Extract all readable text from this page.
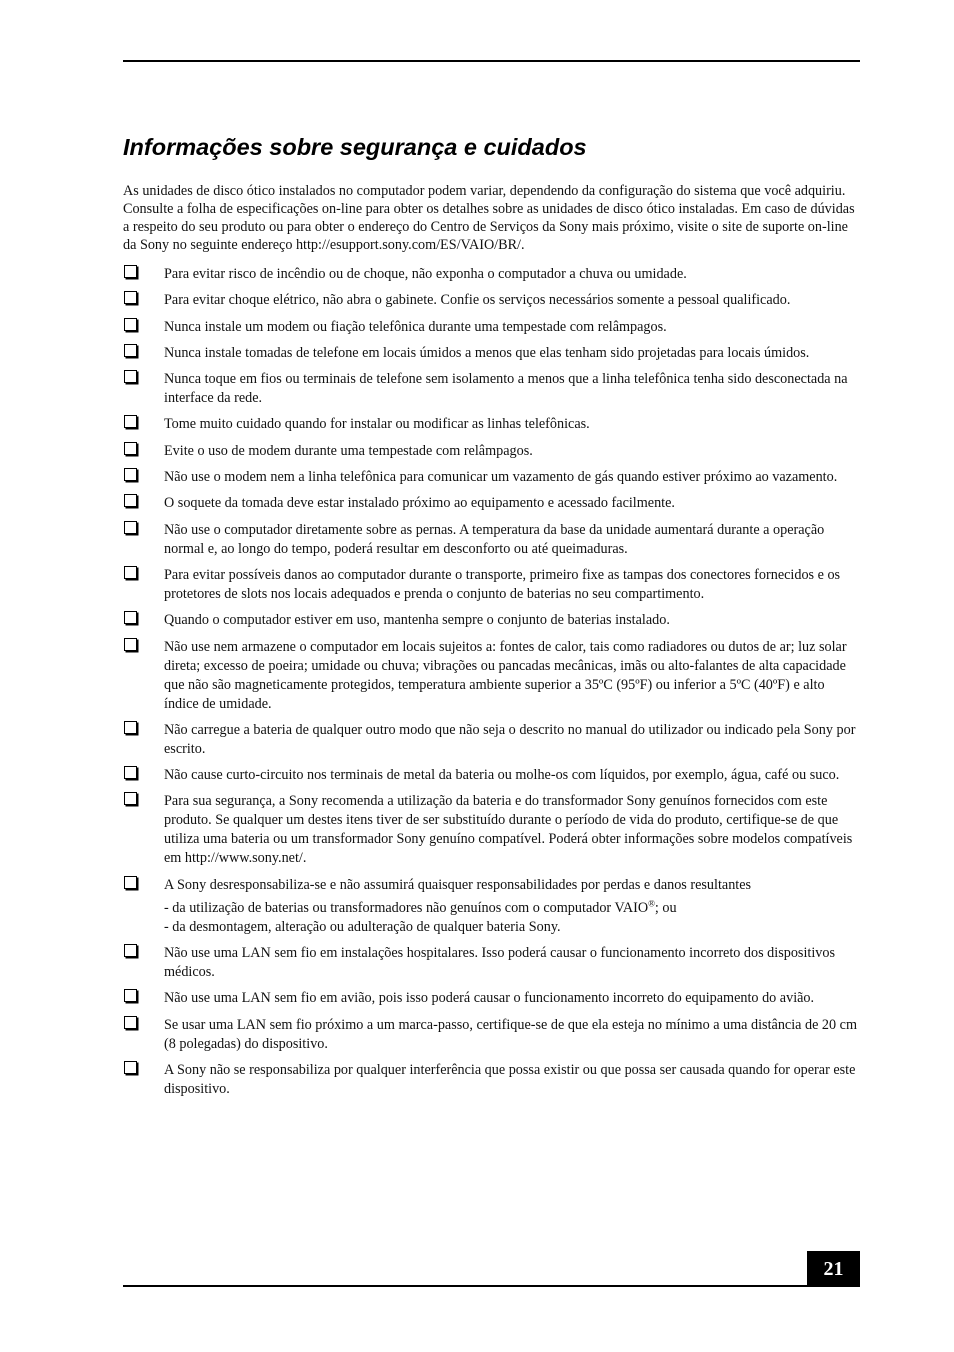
Informações sobre segurança e cuidados

As unidades de disco ótico instalados no computador podem variar, dependendo da configuração do sistema que você adquiriu. Consulte a folha de especificações on-line para obter os detalhes sobre as unidades de disco ótico instaladas. Em caso de dúvidas a respeito do seu produto ou para obter o endereço do Centro de Serviços da Sony mais próximo, visite o site de suporte on-line da Sony no seguinte endereço http://esupport.sony.com/ES/VAIO/BR/.

Para evitar risco de incêndio ou de choque, não exponha o computador a chuva ou umidade.
Para evitar choque elétrico, não abra o gabinete. Confie os serviços necessários somente a pessoal qualificado.
Nunca instale um modem ou fiação telefônica durante uma tempestade com relâmpagos.
Nunca instale tomadas de telefone em locais úmidos a menos que elas tenham sido projetadas para locais úmidos.
Nunca toque em fios ou terminais de telefone sem isolamento a menos que a linha telefônica tenha sido desconectada na interface da rede.
Tome muito cuidado quando for instalar ou modificar as linhas telefônicas.
Evite o uso de modem durante uma tempestade com relâmpagos.
Não use o modem nem a linha telefônica para comunicar um vazamento de gás quando estiver próximo ao vazamento.
O soquete da tomada deve estar instalado próximo ao equipamento e acessado facilmente.
Não use o computador diretamente sobre as pernas. A temperatura da base da unidade aumentará durante a operação normal e, ao longo do tempo, poderá resultar em desconforto ou até queimaduras.
Para evitar possíveis danos ao computador durante o transporte, primeiro fixe as tampas dos conectores fornecidos e os protetores de slots nos locais adequados e prenda o conjunto de baterias no seu compartimento.
Quando o computador estiver em uso, mantenha sempre o conjunto de baterias instalado.
Não use nem armazene o computador em locais sujeitos a: fontes de calor, tais como radiadores ou dutos de ar; luz solar direta; excesso de poeira; umidade ou chuva; vibrações ou pancadas mecânicas, imãs ou alto-falantes de alta capacidade que não são magneticamente protegidos, temperatura ambiente superior a 35ºC (95ºF) ou inferior a 5ºC (40ºF) e alto índice de umidade.
Não carregue a bateria de qualquer outro modo que não seja o descrito no manual do utilizador ou indicado pela Sony por escrito.
Não cause curto-circuito nos terminais de metal da bateria ou molhe-os com líquidos, por exemplo, água, café ou suco.
Para sua segurança, a Sony recomenda a utilização da bateria e do transformador Sony genuínos fornecidos com este produto. Se qualquer um destes itens tiver de ser substituído durante o período de vida do produto, certifique-se de que utiliza uma bateria ou um transformador Sony genuíno compatível. Poderá obter informações sobre modelos compatíveis em http://www.sony.net/.
A Sony desresponsabiliza-se e não assumirá quaisquer responsabilidades por perdas e danos resultantes
- da utilização de baterias ou transformadores não genuínos com o computador VAIO®; ou
- da desmontagem, alteração ou adulteração de qualquer bateria Sony.
Não use uma LAN sem fio em instalações hospitalares. Isso poderá causar o funcionamento incorreto dos dispositivos médicos.
Não use uma LAN sem fio em avião, pois isso poderá causar o funcionamento incorreto do equipamento do avião.
Se usar uma LAN sem fio próximo a um marca-passo, certifique-se de que ela esteja no mínimo a uma distância de 20 cm (8 polegadas) do dispositivo.
A Sony não se responsabiliza por qualquer interferência que possa existir ou que possa ser causada quando for operar este dispositivo.
21
